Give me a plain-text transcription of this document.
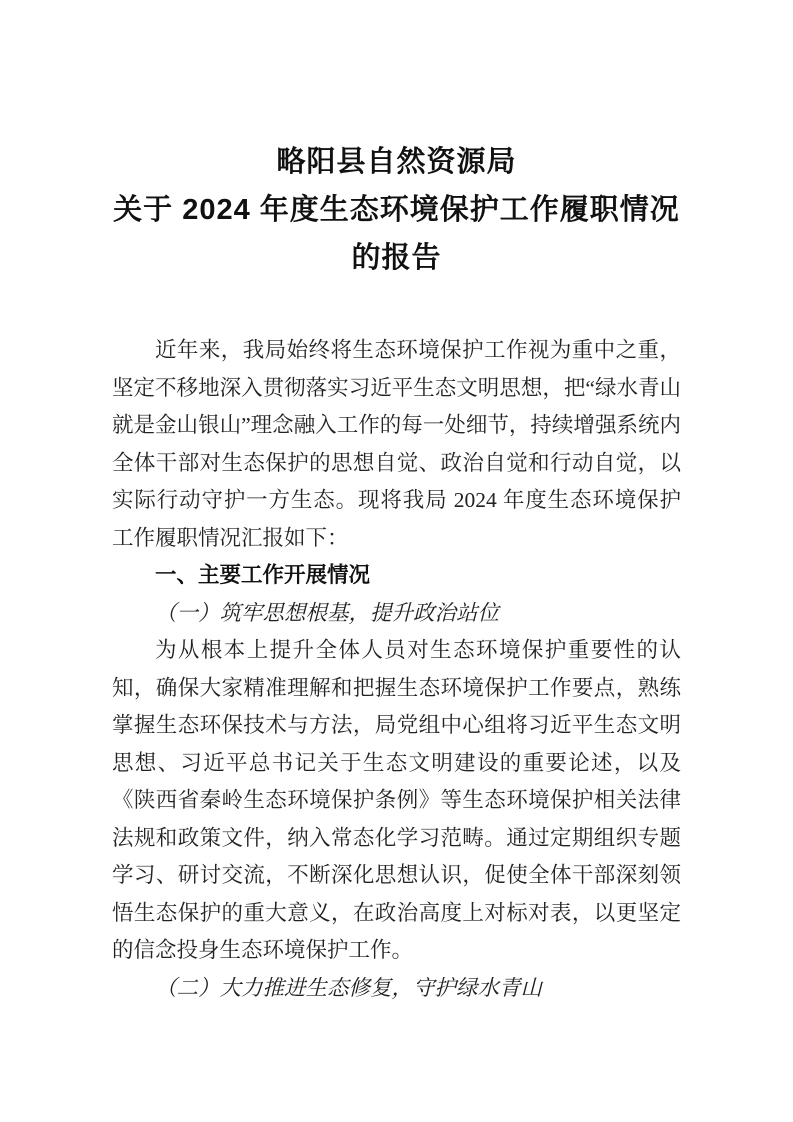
略阳县自然资源局
关于 2024 年度生态环境保护工作履职情况
的报告

近年来，我局始终将生态环境保护工作视为重中之重，坚定不移地深入贯彻落实习近平生态文明思想，把“绿水青山就是金山银山”理念融入工作的每一处细节，持续增强系统内全体干部对生态保护的思想自觉、政治自觉和行动自觉，以实际行动守护一方生态。现将我局 2024 年度生态环境保护工作履职情况汇报如下：

一、主要工作开展情况

（一）筑牢思想根基，提升政治站位

为从根本上提升全体人员对生态环境保护重要性的认知，确保大家精准理解和把握生态环境保护工作要点，熟练掌握生态环保技术与方法，局党组中心组将习近平生态文明思想、习近平总书记关于生态文明建设的重要论述，以及《陕西省秦岭生态环境保护条例》等生态环境保护相关法律法规和政策文件，纳入常态化学习范畴。通过定期组织专题学习、研讨交流，不断深化思想认识，促使全体干部深刻领悟生态保护的重大意义，在政治高度上对标对表，以更坚定的信念投身生态环境保护工作。

（二）大力推进生态修复，守护绿水青山
